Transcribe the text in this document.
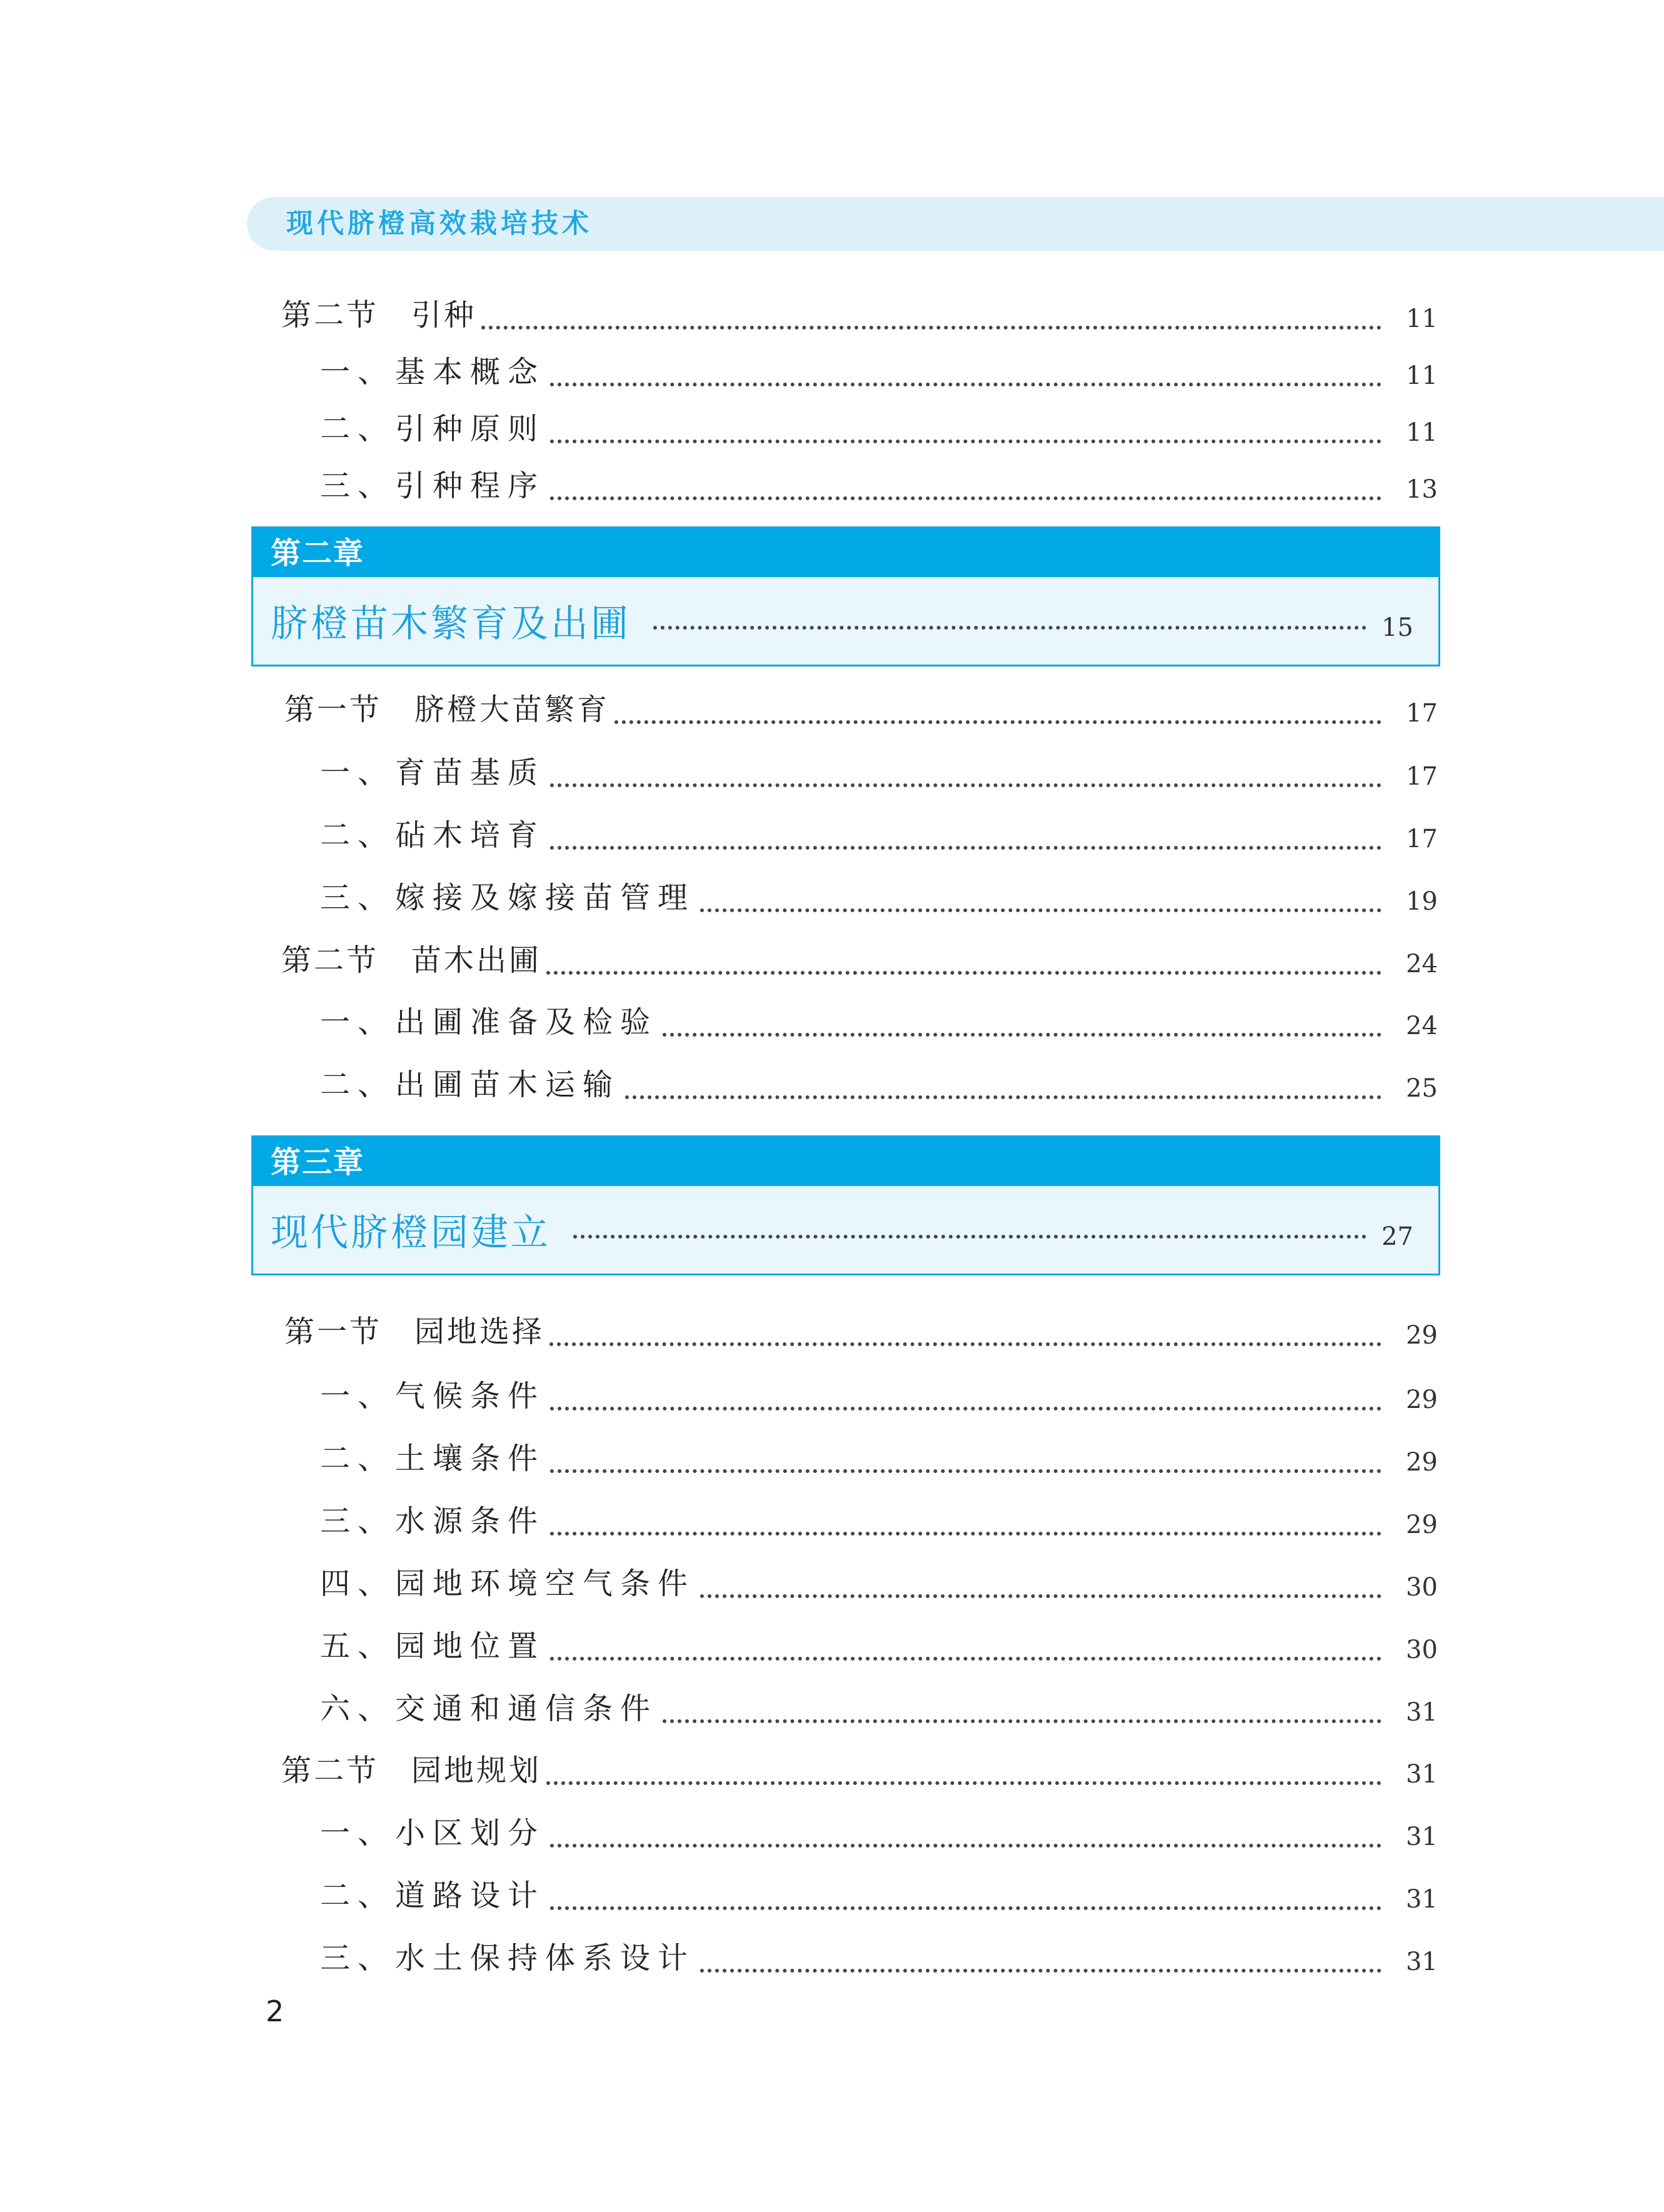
现代脐橙高效栽培技术
第二节　引种	11
一、基本概念	11
二、引种原则	11
三、引种程序	13
第二章
脐橙苗木繁育及出圃	15
第一节　脐橙大苗繁育	17
一、育苗基质	17
二、砧木培育	17
三、嫁接及嫁接苗管理	19
第二节　苗木出圃	24
一、出圃准备及检验	24
二、出圃苗木运输	25
第三章
现代脐橙园建立	27
第一节　园地选择	29
一、气候条件	29
二、土壤条件	29
三、水源条件	29
四、园地环境空气条件	30
五、园地位置	30
六、交通和通信条件	31
第二节　园地规划	31
一、小区划分	31
二、道路设计	31
三、水土保持体系设计	31
2
